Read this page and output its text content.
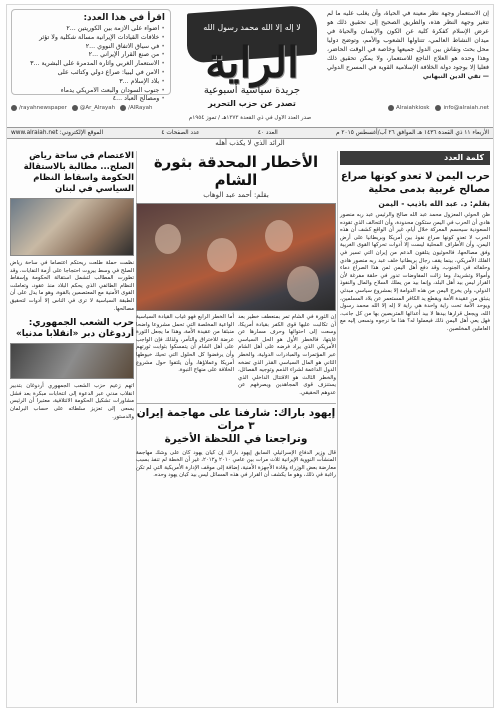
إن الاستعمار وجهة نظر معينة في الحياة، وأن يغلب عليه ما لم تتغير وجهة النظر هذه، والطريق الصحيح إلى تحقيق ذلك هو عرض الإسلام كفكرة كلية عن الكون والإنسان والحياة في ميدان النشاط العالمي، تتناولها الشعوب والأمم، وتوضح دوليا محل بحث ونقاش بين الدول جميعها وخاصة في الوقت الحاضر، وهذا وحده هو العلاج الناجع للاستعمار، ولا يمكن تحقيق ذلك فعليا إلا بوجود دولة الخلافة الإسلامية القوية في المسرح الدولي — تقي الدين النبهاني
لا إله إلا الله محمد رسول الله
الراية
جريدة سياسية أسبوعية
تصدر عن حزب التحرير
اقرأ في هذا العدد:
• أضواء على الأزمة بين الكوريتين ...٢
• خلافات القيادات الإيرانية مسألة شكلية ولا تؤثر
• في سياق الاتفاق النووي ...٢
• من صنع القرار الإيراني ...٢
• الاستعمار الغربي وآثاره المدمرة على البشرية ...٣
• الأمن في ليبيا: صراع دولي وكتائب على
• بلاد الإسلام ...٣
• جنوب السودان والبعث الأمريكي يدماء
• ومصالح العباد ...٤
Alraiahkiosk	info@alraiah.net
صدر العدد الأول في ذي القعدة ١٣٧٣هـ / تموز ١٩٥٤م
/rayahnewspaper @Ar_Alrayah /AlRayah
الأربعاء ١١ ذي القعدة ١٤٣٦ هـ الموافق ٢٦ آب/أغسطس ٢٠١٥ م
العدد ٤٠
عدد الصفحات ٤
الموقع الإلكتروني: www.alraiah.net
الرائد الذي لا يكذب أهله
كلمة العدد
حرب اليمن لا تعدو كونها صراع مصالح غربية بدمى محلية
بقلم: د. عبد الله باذيب - اليمن
ظن الحوثي المعزول محمد عبد الله صالح والرئيس عبد ربه منصور هادي أن الحرب في اليمن ستكون محدودة، وأن التحالف الذي تقوده السعودية سيحسم المعركة خلال أيام، غير أن الواقع كشف أن هذه الحرب لا تعدو كونها صراع نفوذ بين أمريكا وبريطانيا على أرض اليمن، وأن الأطراف المحلية ليست إلا أدوات تحركها القوى الغربية وفق مصالحها، فالحوثيون يتلقون الدعم من إيران التي تسير في الفلك الأمريكي، بينما يقف رجال بريطانيا خلف عبد ربه منصور هادي وحلفائه في الجنوب، وقد دفع أهل اليمن ثمن هذا الصراع دماء وأموالا وتشريدا، وما زالت المفاوضات تدور في حلقة مفرغة لأن القرار ليس بيد أهل البلد، وإنما بيد من يملك السلاح والمال والنفوذ الدولي، ولن يخرج اليمن من هذه الدوامة إلا بمشروع سياسي مبدئي ينبثق من عقيدة الأمة ويقطع يد الكافر المستعمر عن بلاد المسلمين، ويوحد الأمة تحت راية واحدة هي راية لا إله إلا الله محمد رسول الله، ويجعل قرارها بيدها لا بيد أعدائها المتربصين بها من كل جانب، فهل يعي أهل اليمن ذلك فيعملوا له؟ هذا ما نرجوه ونسعى إليه مع العاملين المخلصين.
الأخطار المحدقة بثورة الشام
بقلم: أحمد عبد الوهاب
إن الثورة في الشام تمر بمنعطف خطير بعد أن تكالبت عليها قوى الكفر بقيادة أمريكا، وسعت إلى احتوائها وحرف مسارها عن غايتها، فالخطر الأول هو الحل السياسي الأمريكي الذي يراد فرضه على أهل الشام عبر المؤتمرات والمبادرات الدولية، والخطر الثاني هو المال السياسي القذر الذي تضخه الدول الداعمة لشراء الذمم وتوجيه الفصائل، والخطر الثالث هو الاقتتال الداخلي الذي يستنزف قوى المجاهدين ويصرفهم عن عدوهم الحقيقي.
أما الخطر الرابع فهو غياب القيادة السياسية الواعية المخلصة التي تحمل مشروعا واضحا منبثقا من عقيدة الأمة، وهذا ما يجعل الثورة عرضة للاختراق والتآمر، ولذلك فإن الواجب على أهل الشام أن يتمسكوا بثوابت ثورتهم وأن يرفضوا كل الحلول التي تحيك خيوطها أمريكا وعملاؤها، وأن يلتفوا حول مشروع الخلافة على منهاج النبوة.
إيهود باراك: شارفنا على مهاجمة إيران ٣ مرات
وتراجعنا في اللحظة الأخيرة
قال وزير الدفاع الإسرائيلي السابق إيهود باراك إن كيان يهود كان على وشك مهاجمة المنشآت النووية الإيرانية ثلاث مرات بين عامي ٢٠١٠ و٢٠١٢، غير أن الخطة لم تنفذ بسبب معارضة بعض الوزراء وقادة الأجهزة الأمنية، إضافة إلى موقف الإدارة الأمريكية التي لم تكن راغبة في ذلك، وهو ما يكشف أن القرار في هذه المسائل ليس بيد كيان يهود وحده.
الاعتصام في ساحة رياض الصلح... مطالبة بالاستقالة الحكومة واسقاط النظام السياسي في لبنان
نظمت حملة طلعت ريحتكم اعتصاما في ساحة رياض الصلح في وسط بيروت احتجاجا على أزمة النفايات، وقد تطورت المطالب لتشمل استقالة الحكومة وإسقاط النظام الطائفي الذي يحكم البلاد منذ عقود، وتعاملت القوى الأمنية مع المعتصمين بالقوة، وهو ما يدل على أن الطبقة السياسية لا ترى في الناس إلا أدوات لتحقيق مصالحها.
حرب الشعب الجمهوري: أردوغان دبر «انقلابا مدنيا»
اتهم زعيم حزب الشعب الجمهوري أردوغان بتدبير انقلاب مدني عبر الدعوة إلى انتخابات مبكرة بعد فشل مشاورات تشكيل الحكومة الائتلافية، معتبرا أن الرئيس يسعى إلى تعزيز سلطاته على حساب البرلمان والدستور.
